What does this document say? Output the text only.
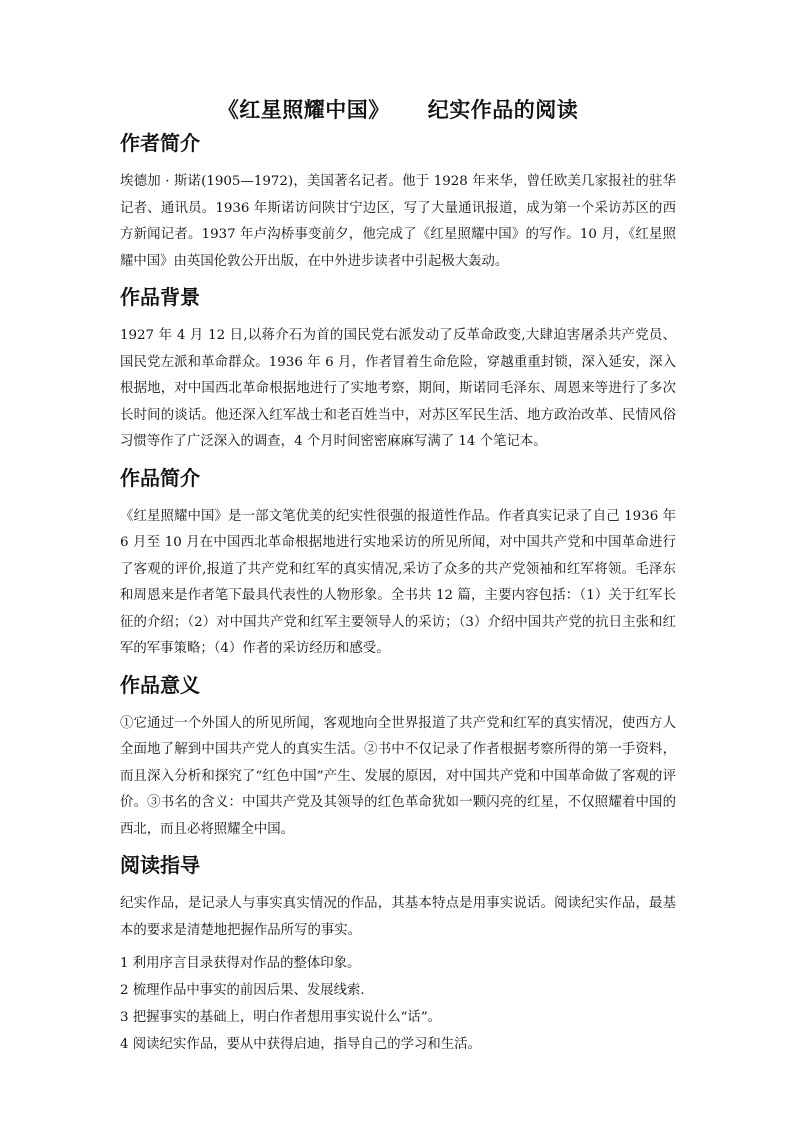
《红星照耀中国》 纪实作品的阅读
作者简介

埃德加 · 斯诺(1905—1972)，美国著名记者。他于 1928 年来华，曾任欧美几家报社的驻华记者、通讯员。1936 年斯诺访问陕甘宁边区，写了大量通讯报道，成为第一个采访苏区的西方新闻记者。1937 年卢沟桥事变前夕，他完成了《红星照耀中国》的写作。10 月，《红星照耀中国》由英国伦敦公开出版，在中外进步读者中引起极大轰动。

作品背景

1927 年 4 月 12 日,以蒋介石为首的国民党右派发动了反革命政变,大肆迫害屠杀共产党员、国民党左派和革命群众。1936 年 6 月，作者冒着生命危险，穿越重重封锁，深入延安，深入根据地，对中国西北革命根据地进行了实地考察，期间，斯诺同毛泽东、周恩来等进行了多次长时间的谈话。他还深入红军战士和老百姓当中，对苏区军民生活、地方政治改革、民情风俗习惯等作了广泛深入的调查，4 个月时间密密麻麻写满了 14 个笔记本。

作品简介

《红星照耀中国》是一部文笔优美的纪实性很强的报道性作品。作者真实记录了自己 1936 年 6 月至 10 月在中国西北革命根据地进行实地采访的所见所闻，对中国共产党和中国革命进行了客观的评价,报道了共产党和红军的真实情况,采访了众多的共产党领袖和红军将领。毛泽东和周恩来是作者笔下最具代表性的人物形象。全书共 12 篇，主要内容包括：（1）关于红军长征的介绍；（2）对中国共产党和红军主要领导人的采访；（3）介绍中国共产党的抗日主张和红军的军事策略；（4）作者的采访经历和感受。

作品意义

①它通过一个外国人的所见所闻，客观地向全世界报道了共产党和红军的真实情况，使西方人全面地了解到中国共产党人的真实生活。②书中不仅记录了作者根据考察所得的第一手资料，而且深入分析和探究了“红色中国”产生、发展的原因，对中国共产党和中国革命做了客观的评价。③书名的含义：中国共产党及其领导的红色革命犹如一颗闪亮的红星，不仅照耀着中国的西北，而且必将照耀全中国。

阅读指导

纪实作品，是记录人与事实真实情况的作品，其基本特点是用事实说话。阅读纪实作品，最基本的要求是清楚地把握作品所写的事实。

1 利用序言目录获得对作品的整体印象。

2 梳理作品中事实的前因后果、发展线索.

3 把握事实的基础上，明白作者想用事实说什么“话”。

4 阅读纪实作品，要从中获得启迪，指导自己的学习和生活。
